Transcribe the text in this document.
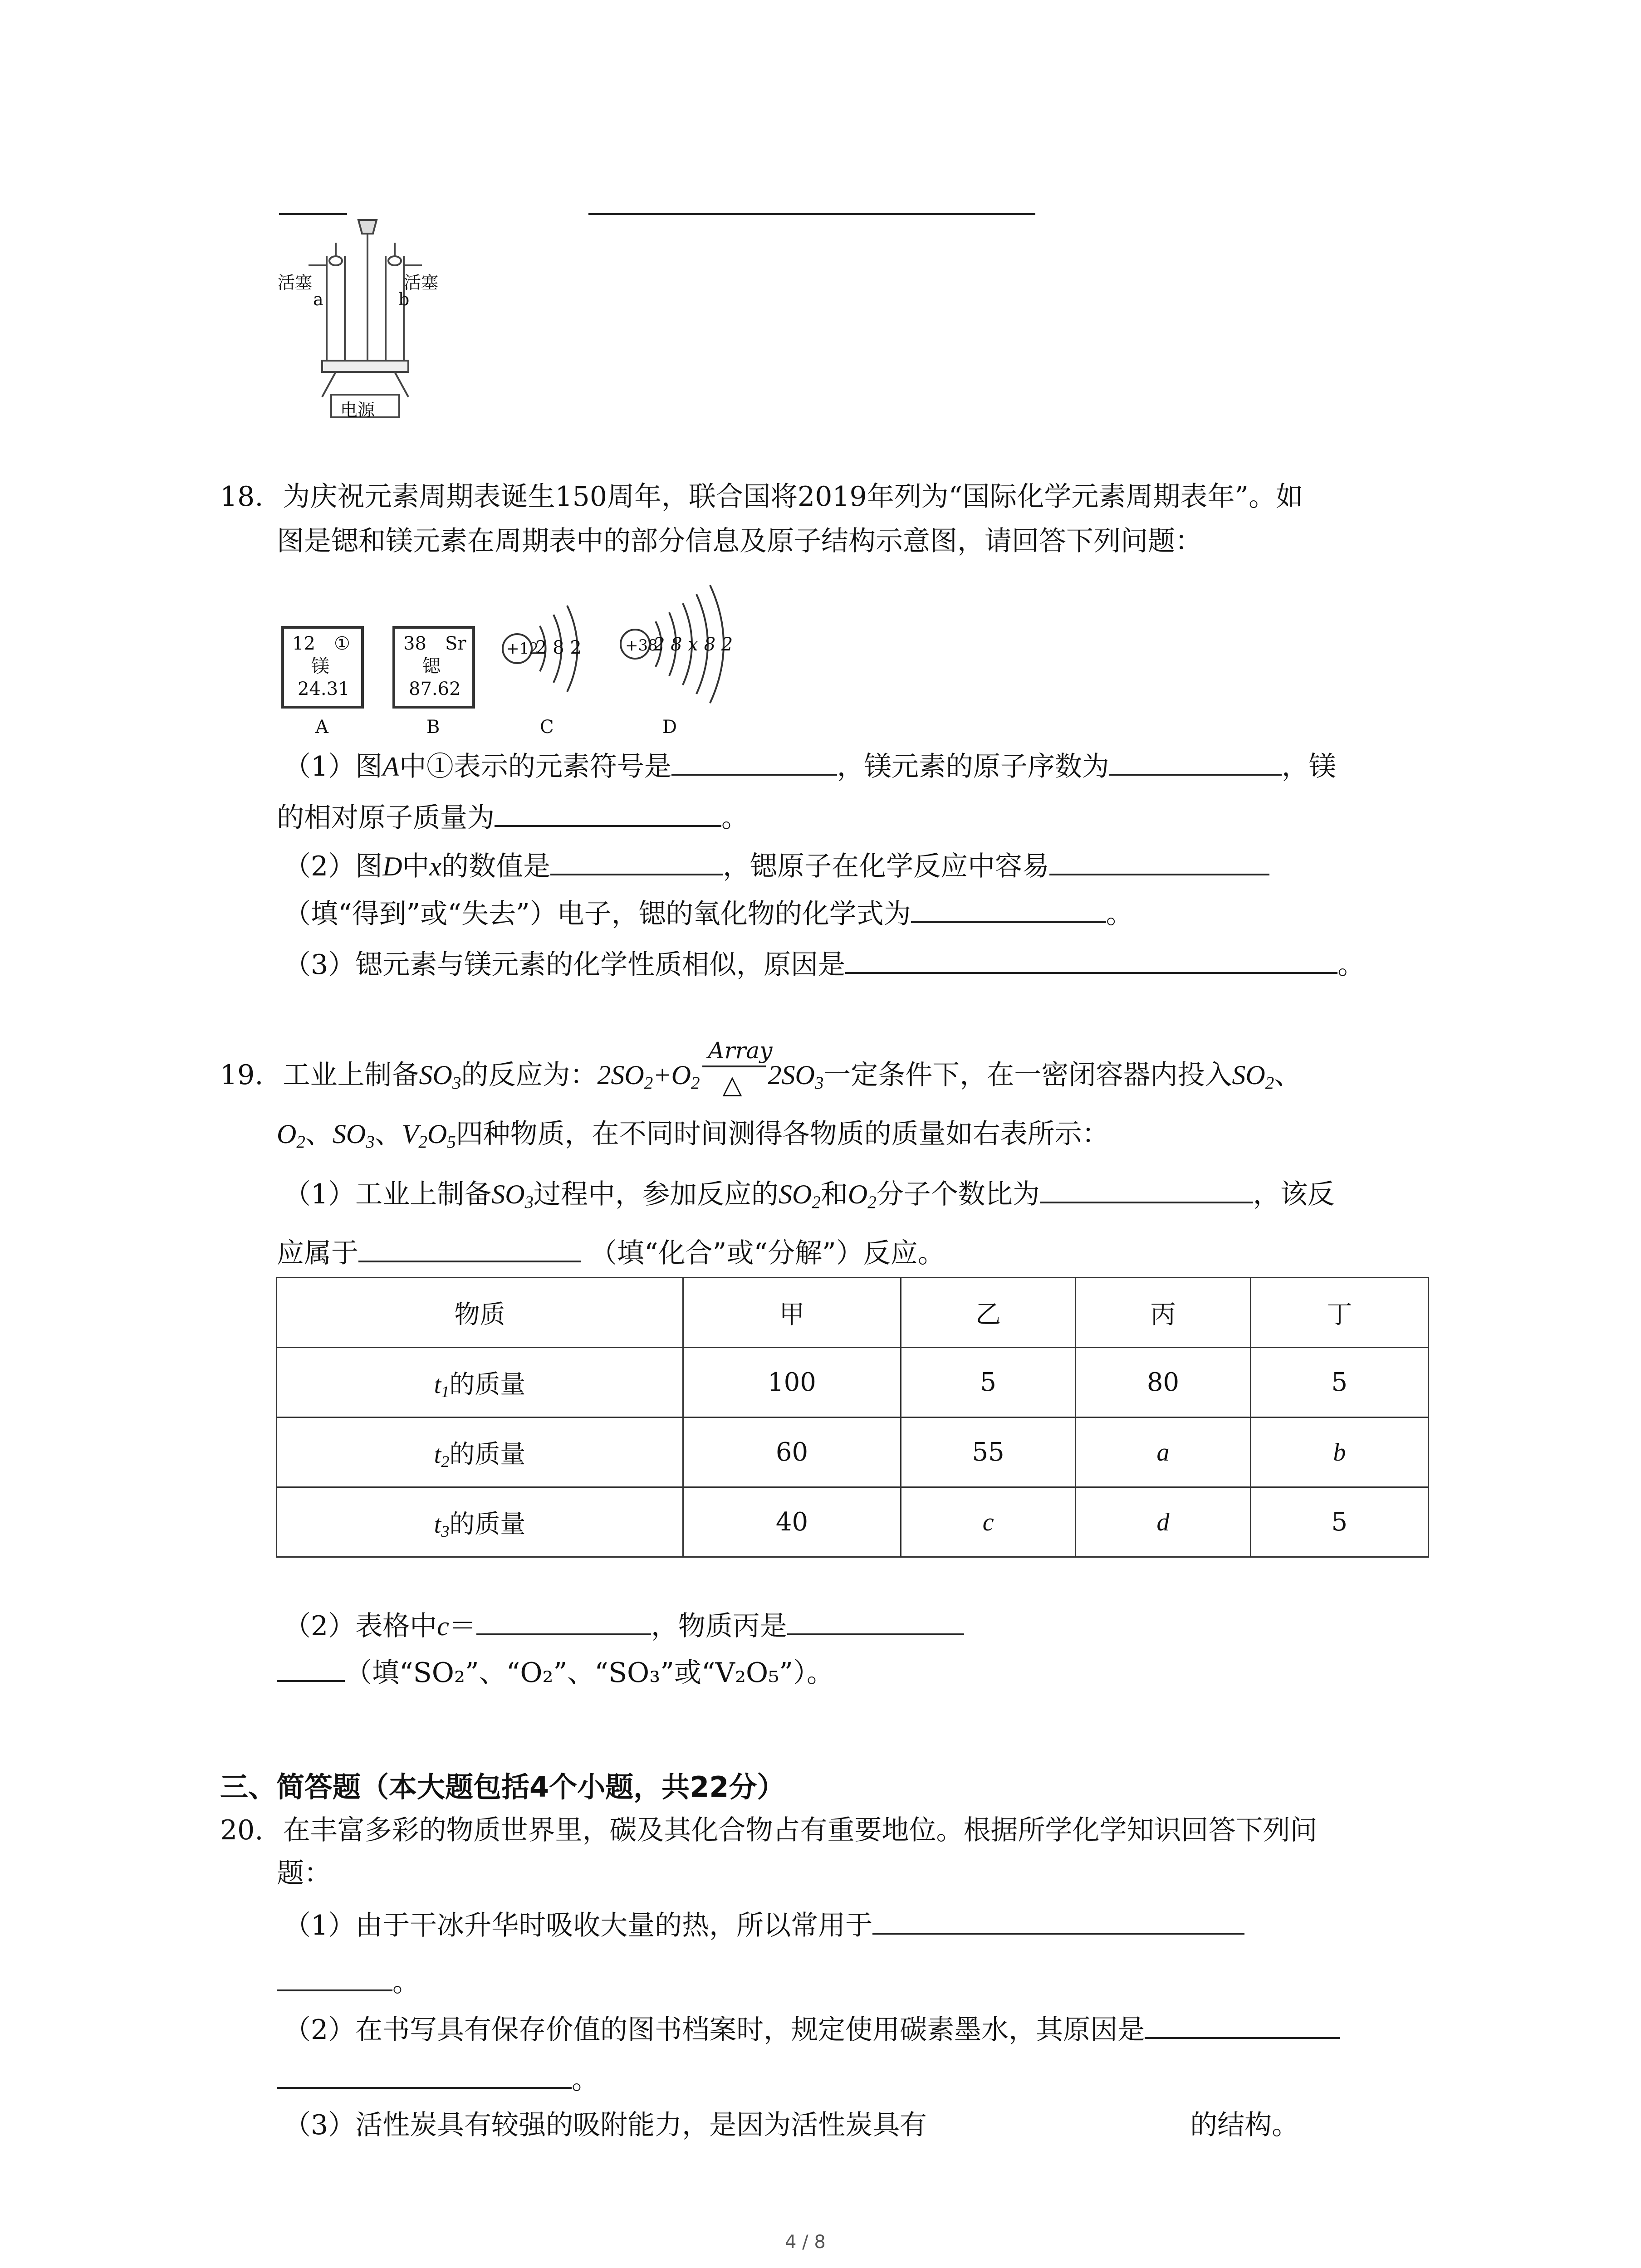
活塞	活塞
a	b
电源
18. 为庆祝元素周期表诞生150周年，联合国将2019年列为“国际化学元素周期表年”。如
图是锶和镁元素在周期表中的部分信息及原子结构示意图，请回答下列问题：
12 ①
镁
24.31
38 Sr
锶
87.62
+12
2 8 2	+38
2 8 x 8 2
A	B	C	D
（1）图A中①表示的元素符号是	，镁元素的原子序数为	，镁
的相对原子质量为	。
（2）图D中x的数值是	，锶原子在化学反应中容易
（填“得到”或“失去”）电子，锶的氧化物的化学式为	。
（3）锶元素与镁元素的化学性质相似，原因是	。
19. 工业上制备$SO_3$的反应为：$2SO_2+O_2$
Array
△ $2SO_3$一定条件下，在一密闭容器内投入$SO_2$、
$O_2$、$SO_3$、$V_2O_5$四种物质，在不同时间测得各物质的质量如右表所示：
（1）工业上制备$SO_3$过程中，参加反应的$SO_2$和$O_2$分子个数比为	，该反
应属于	（填“化合”或“分解”）反应。
物质	甲	乙	丙	丁
$t_1$的质量	100	5	80	5
$t_2$的质量	60	55	a	b
$t_3$的质量	40	c	d	5
（2）表格中c＝	，物质丙是
（填“SO₂”、“O₂”、“SO₃”或“V₂O₅”）。
三、简答题（本大题包括4个小题，共22分）
20. 在丰富多彩的物质世界里，碳及其化合物占有重要地位。根据所学化学知识回答下列问
题：
（1）由于干冰升华时吸收大量的热，所以常用于
。
（2）在书写具有保存价值的图书档案时，规定使用碳素墨水，其原因是
。
（3）活性炭具有较强的吸附能力，是因为活性炭具有	的结构。
4 / 8
